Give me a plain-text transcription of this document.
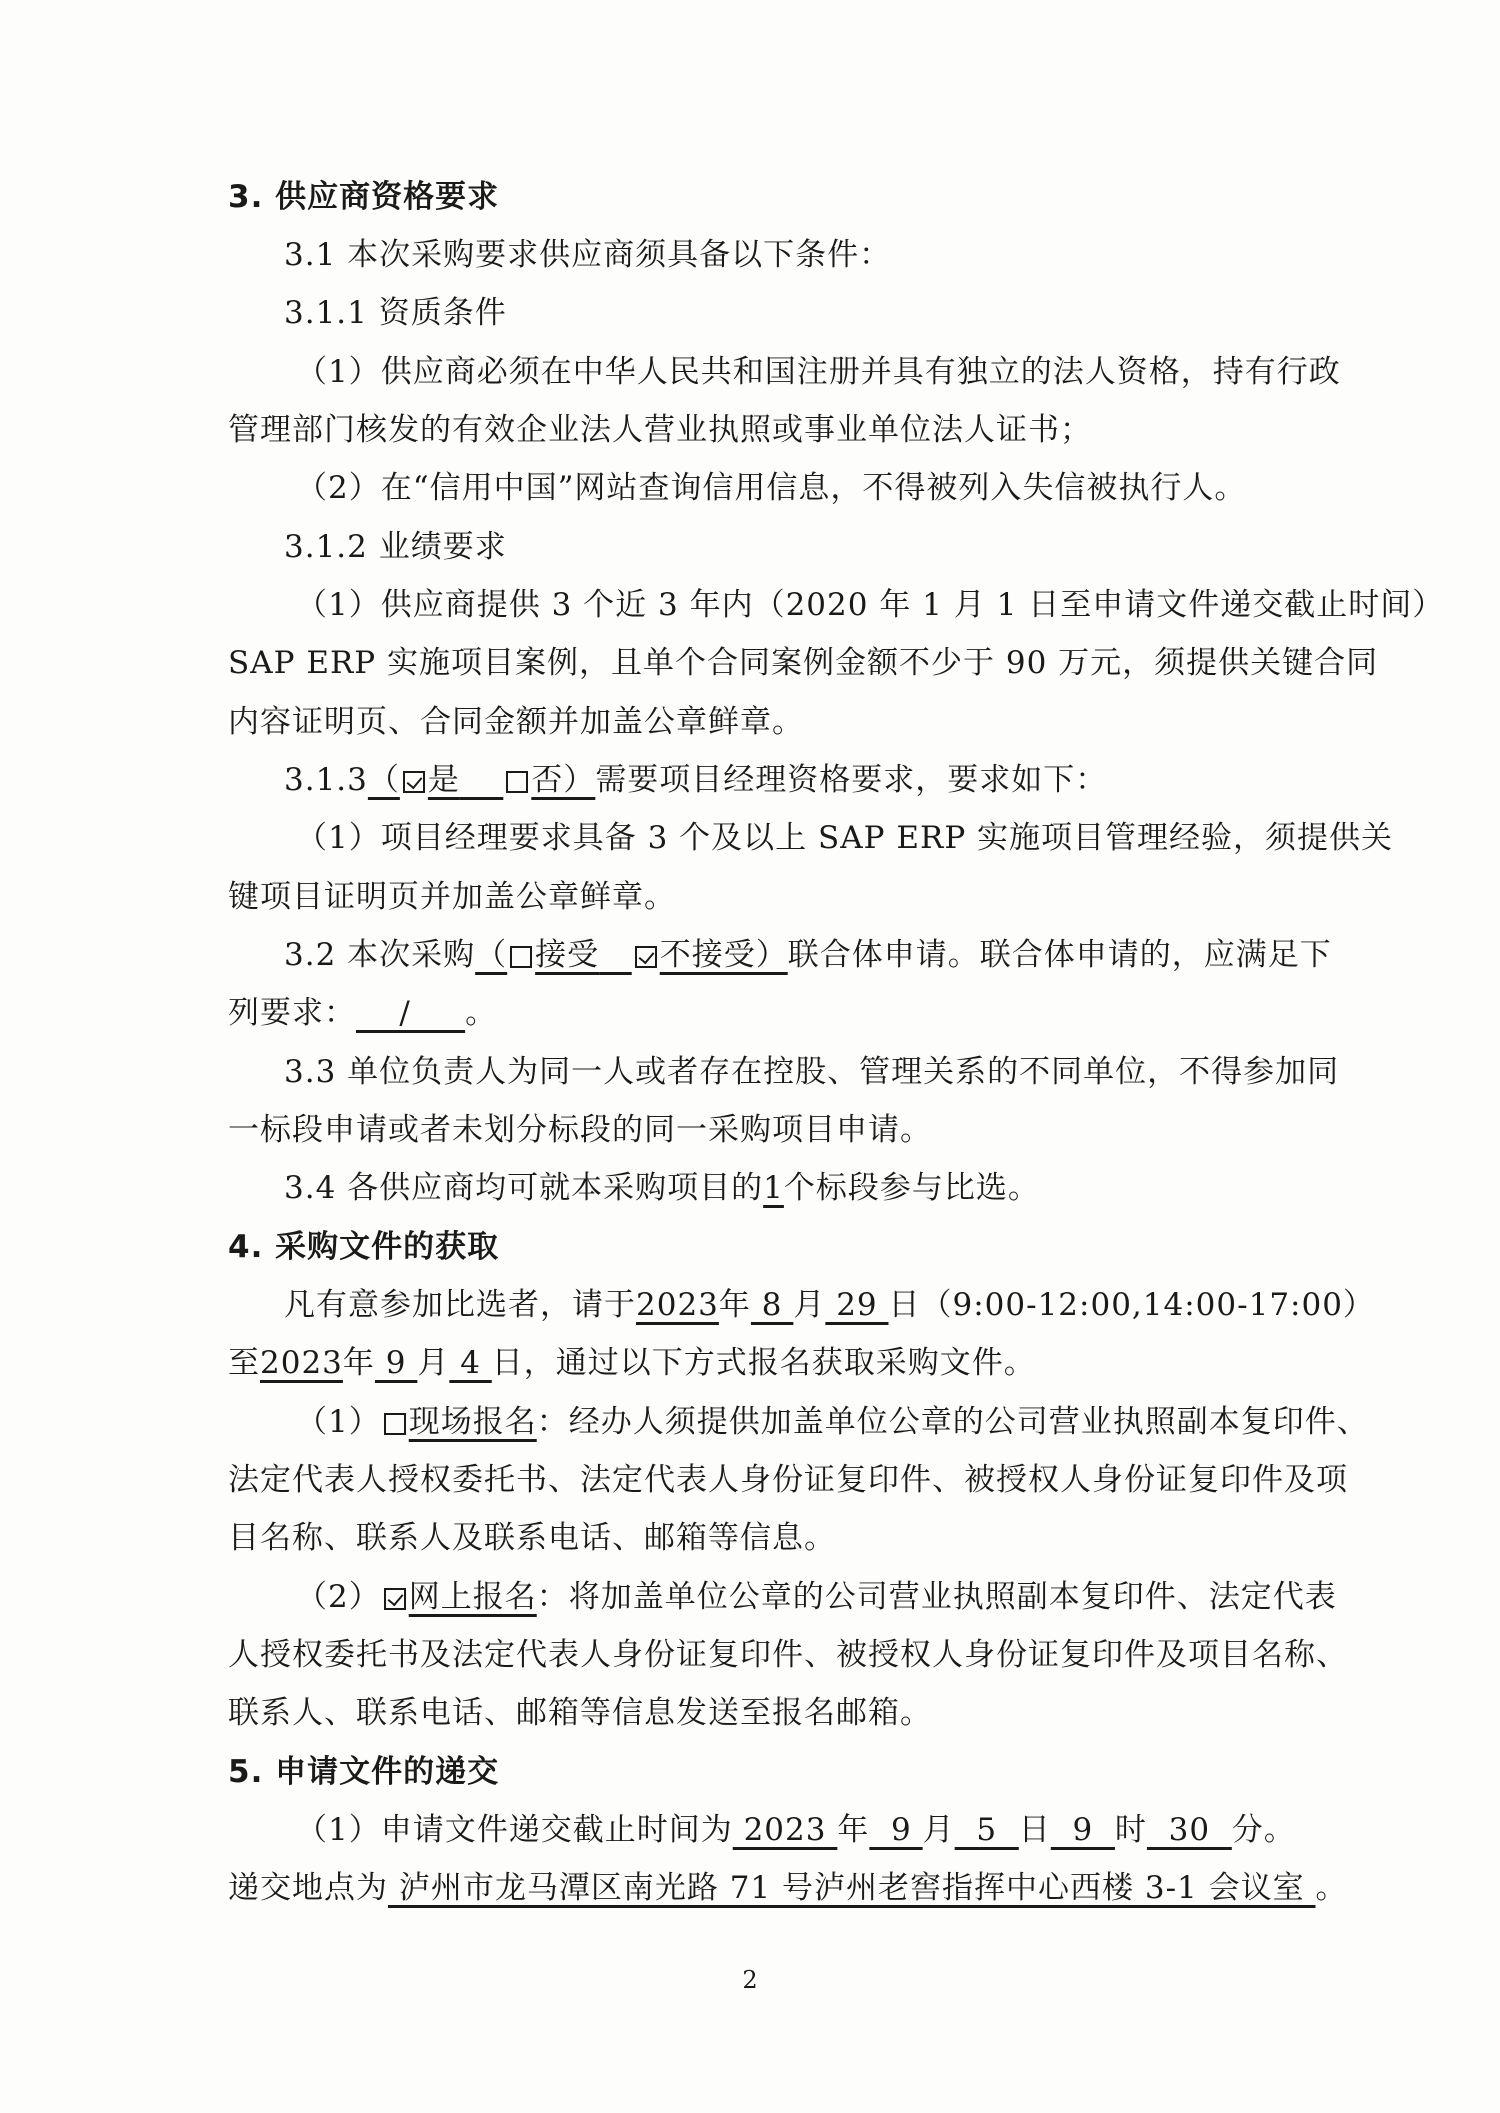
3. 供应商资格要求
3.1 本次采购要求供应商须具备以下条件：
3.1.1 资质条件
（1）供应商必须在中华人民共和国注册并具有独立的法人资格，持有行政
管理部门核发的有效企业法人营业执照或事业单位法人证书；
（2）在“信用中国”网站查询信用信息，不得被列入失信被执行人。
3.1.2 业绩要求
（1）供应商提供 3 个近 3 年内（2020 年 1 月 1 日至申请文件递交截止时间）
SAP ERP 实施项目案例，且单个合同案例金额不少于 90 万元，须提供关键合同
内容证明页、合同金额并加盖公章鲜章。
3.1.3（ 是 否）需要项目经理资格要求，要求如下：
（1）项目经理要求具备 3 个及以上 SAP ERP 实施项目管理经验，须提供关
键项目证明页并加盖公章鲜章。
3.2 本次采购（ 接受 不接受）联合体申请。联合体申请的，应满足下
列要求：    /     。
3.3 单位负责人为同一人或者存在控股、管理关系的不同单位，不得参加同
一标段申请或者未划分标段的同一采购项目申请。
3.4 各供应商均可就本采购项目的1个标段参与比选。
4. 采购文件的获取
凡有意参加比选者，请于2023年 8 月 29 日（9:00-12:00,14:00-17:00）
至2023年 9 月 4 日，通过以下方式报名获取采购文件。
（1） 现场报名：经办人须提供加盖单位公章的公司营业执照副本复印件、
法定代表人授权委托书、法定代表人身份证复印件、被授权人身份证复印件及项
目名称、联系人及联系电话、邮箱等信息。
（2） 网上报名：将加盖单位公章的公司营业执照副本复印件、法定代表
人授权委托书及法定代表人身份证复印件、被授权人身份证复印件及项目名称、
联系人、联系电话、邮箱等信息发送至报名邮箱。
5. 申请文件的递交
（1）申请文件递交截止时间为 2023 年  9 月  5  日  9  时  30  分。
递交地点为 泸州市龙马潭区南光路 71 号泸州老窖指挥中心西楼 3-1 会议室 。
2
